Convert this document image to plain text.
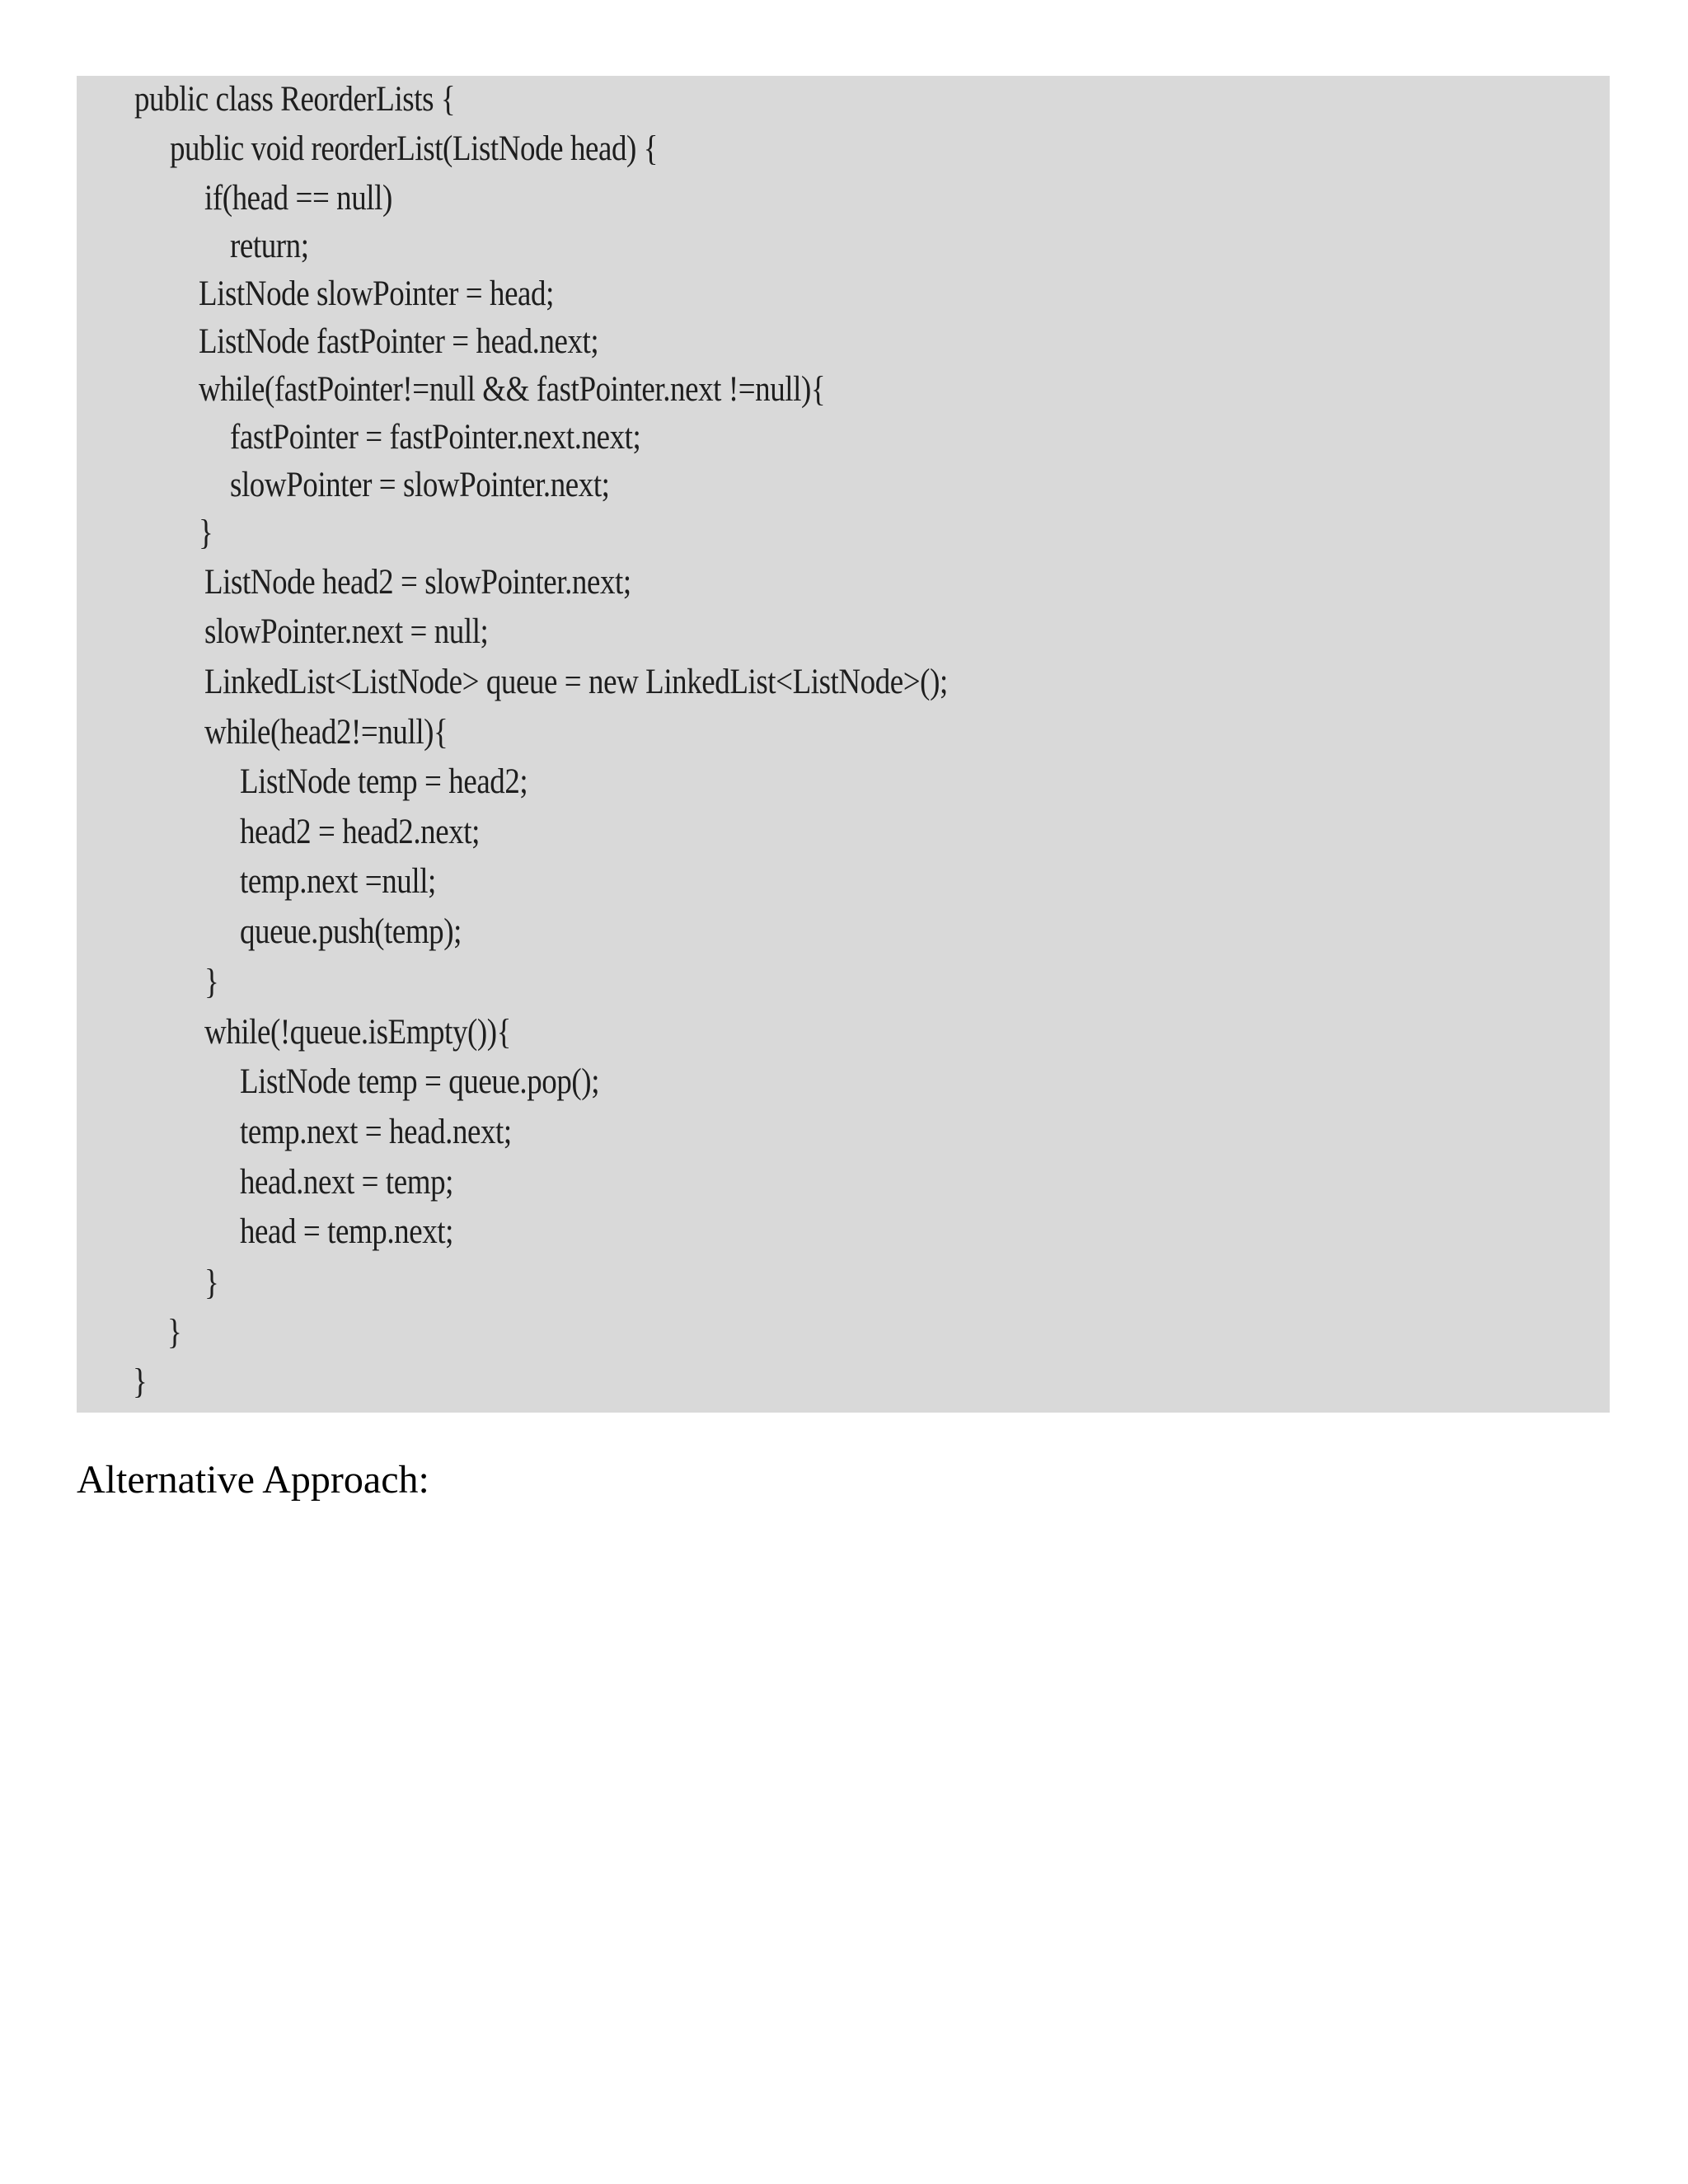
public class ReorderLists {
public void reorderList(ListNode head) {
if(head == null)
return;
ListNode slowPointer = head;
ListNode fastPointer = head.next;
while(fastPointer!=null && fastPointer.next !=null){
fastPointer = fastPointer.next.next;
slowPointer = slowPointer.next;
}
ListNode head2 = slowPointer.next;
slowPointer.next = null;
LinkedList<ListNode> queue = new LinkedList<ListNode>();
while(head2!=null){
ListNode temp = head2;
head2 = head2.next;
temp.next =null;
queue.push(temp);
}
while(!queue.isEmpty()){
ListNode temp = queue.pop();
temp.next = head.next;
head.next = temp;
head = temp.next;
}
}
}
Alternative Approach:
